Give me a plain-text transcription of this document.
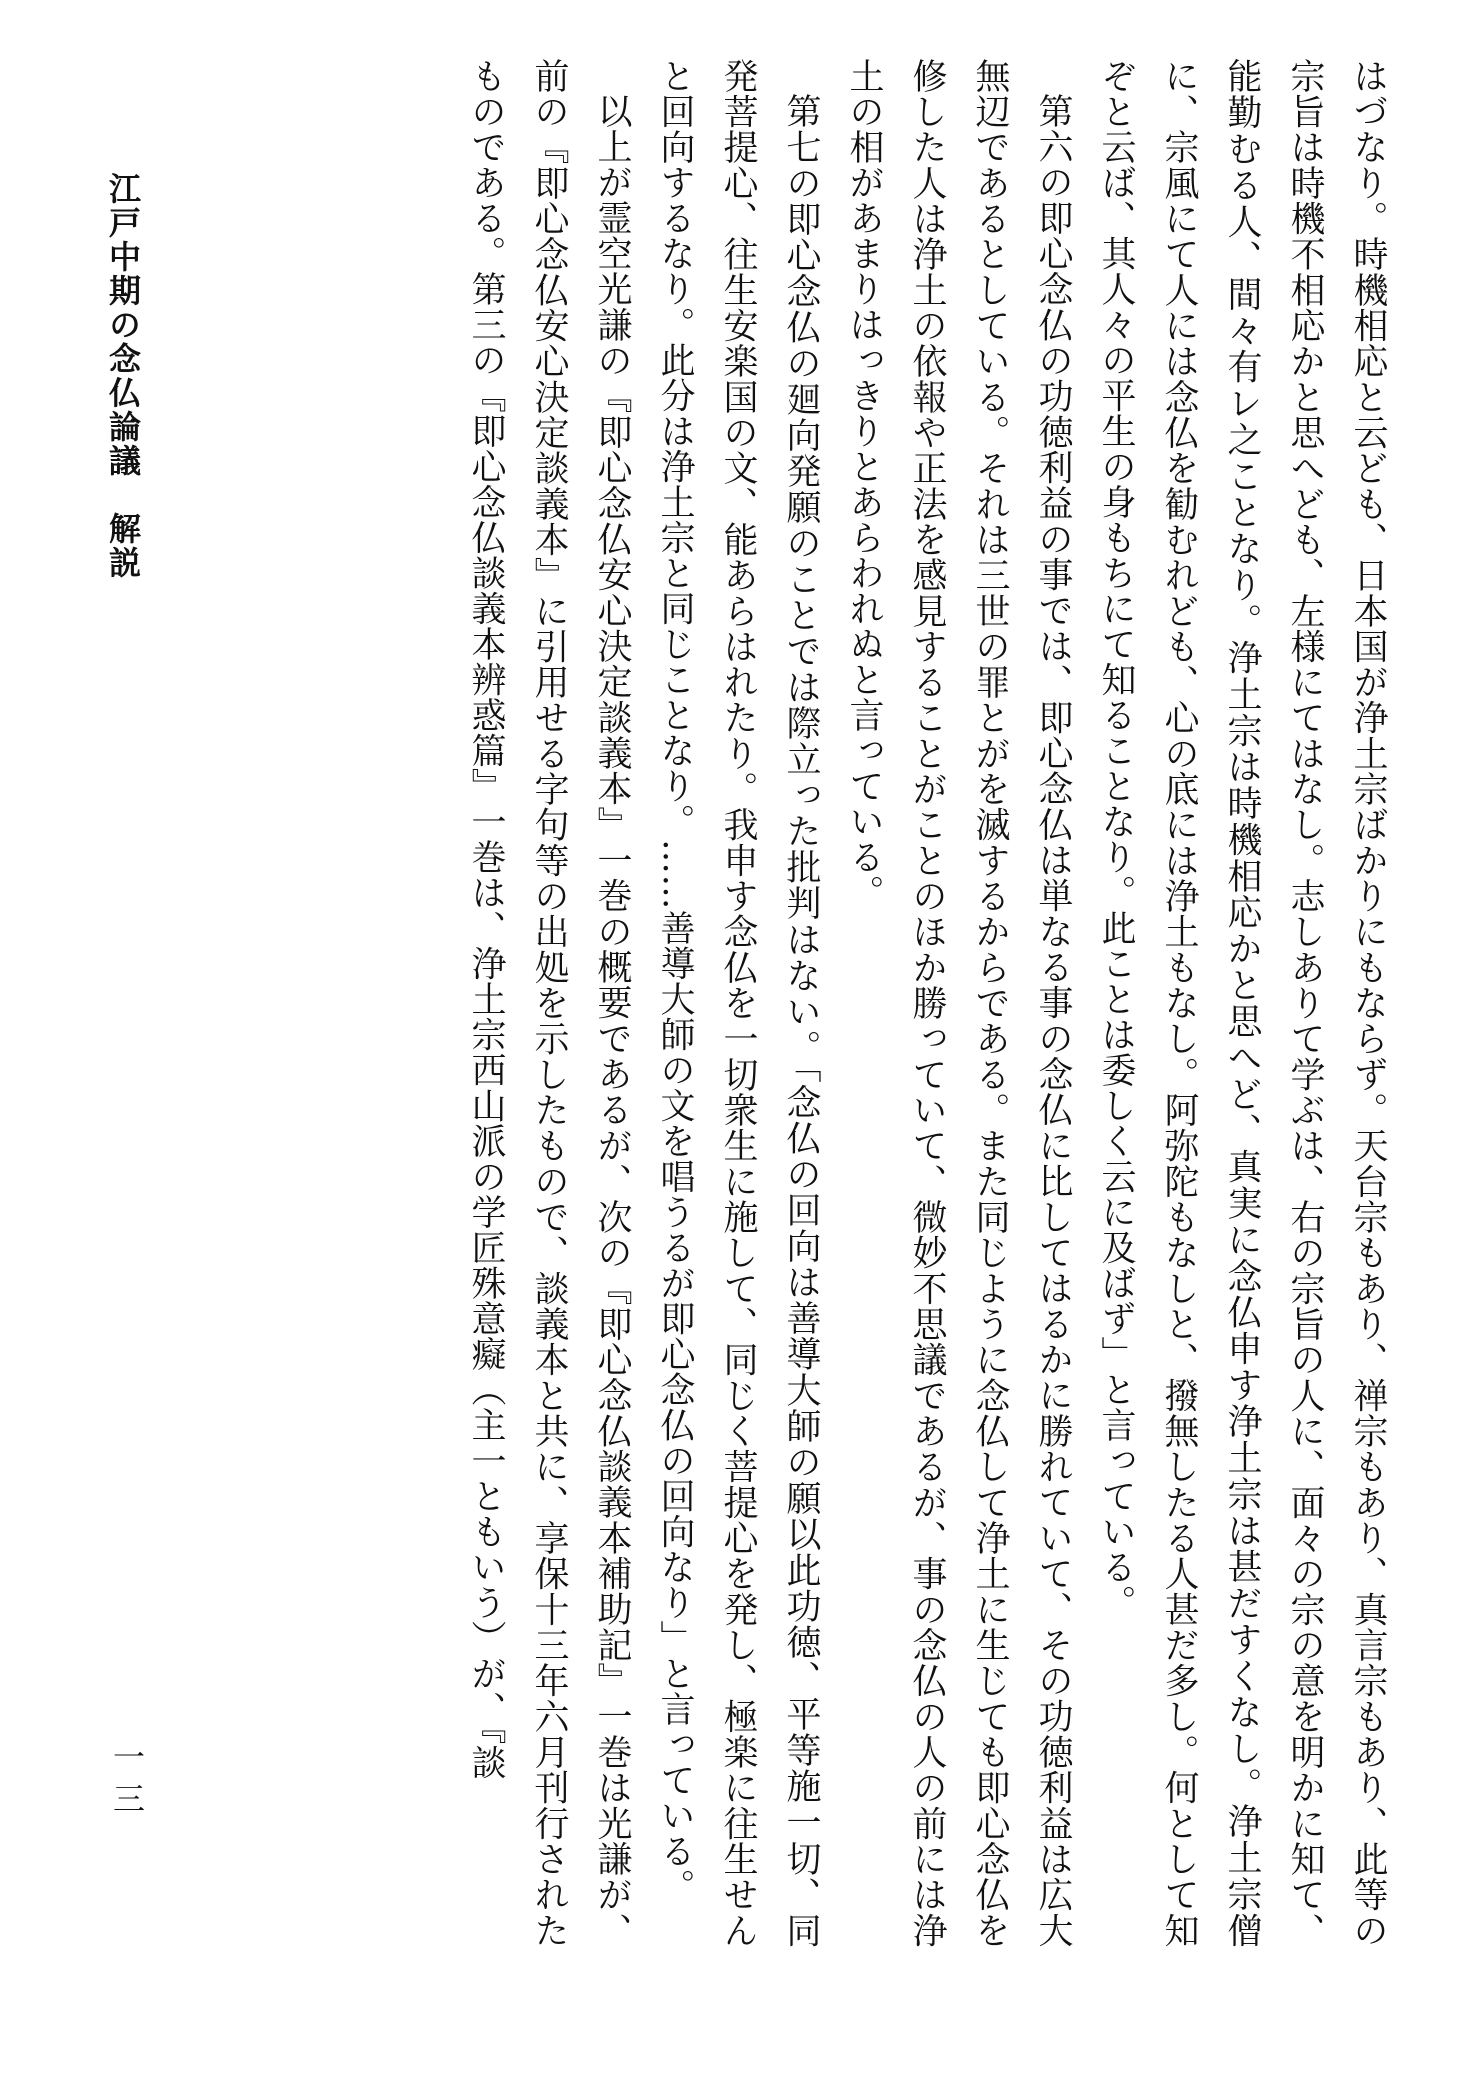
はづなり。時機相応と云ども、日本国が浄土宗ばかりにもならず。天台宗もあり、禅宗もあり、真言宗もあり、此等の宗旨は時機不相応かと思へども、左様にてはなし。志しありて学ぶは、右の宗旨の人に、面々の宗の意を明かに知て、能勤むる人、間々有レ之ことなり。浄土宗は時機相応かと思へど、真実に念仏申す浄土宗は甚だすくなし。浄土宗僧に、宗風にて人には念仏を勧むれども、心の底には浄土もなし。阿弥陀もなしと、撥無したる人甚だ多し。何として知ぞと云ば、其人々の平生の身もちにて知ることなり。此ことは委しく云に及ばず」と言っている。

第六の即心念仏の功徳利益の事では、即心念仏は単なる事の念仏に比してはるかに勝れていて、その功徳利益は広大無辺であるとしている。それは三世の罪とがを滅するからである。また同じように念仏して浄土に生じても即心念仏を修した人は浄土の依報や正法を感見することがことのほか勝っていて、微妙不思議であるが、事の念仏の人の前には浄土の相があまりはっきりとあらわれぬと言っている。

第七の即心念仏の廻向発願のことでは際立った批判はない。「念仏の回向は善導大師の願以此功徳、平等施一切、同発菩提心、往生安楽国の文、能あらはれたり。我申す念仏を一切衆生に施して、同じく菩提心を発し、極楽に往生せんと回向するなり。此分は浄土宗と同じことなり。……善導大師の文を唱うるが即心念仏の回向なり」と言っている。

以上が霊空光謙の『即心念仏安心決定談義本』一巻の概要であるが、次の『即心念仏談義本補助記』一巻は光謙が、前の『即心念仏安心決定談義本』に引用せる字句等の出処を示したもので、談義本と共に、享保十三年六月刊行されたものである。第三の『即心念仏談義本辨惑篇』一巻は、浄土宗西山派の学匠殊意癡（主一ともいう）が、『談

江戸中期の念仏論議　解説
一三
